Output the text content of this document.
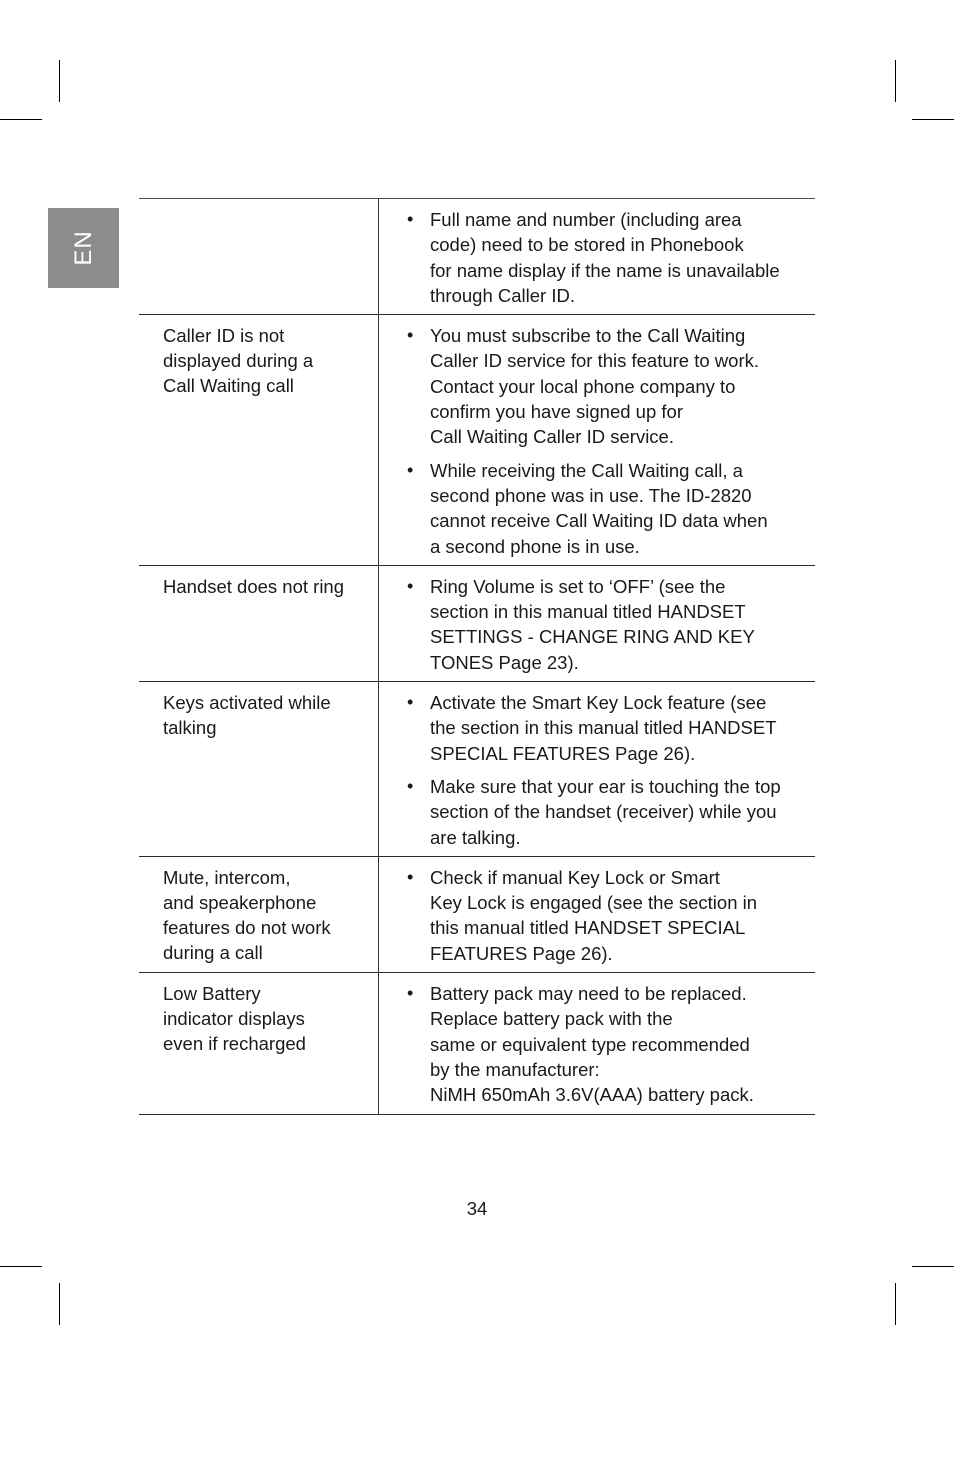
EN
• Full name and number (including area
code) need to be stored in Phonebook
for name display if the name is unavailable
through Caller ID.
Caller ID is not
displayed during a
Call Waiting call
• You must subscribe to the Call Waiting
Caller ID service for this feature to work.
Contact your local phone company to
confirm you have signed up for
Call Waiting Caller ID service.
• While receiving the Call Waiting call, a
second phone was in use. The ID-2820
cannot receive Call Waiting ID data when
a second phone is in use.
Handset does not ring	• Ring Volume is set to ‘OFF’ (see the
section in this manual titled HANDSET
SETTINGS - CHANGE RING AND KEY
TONES Page 23).
Keys activated while
talking
• Activate the Smart Key Lock feature (see
the section in this manual titled HANDSET
SPECIAL FEATURES Page 26).
• Make sure that your ear is touching the top
section of the handset (receiver) while you
are talking.
Mute, intercom,
and speakerphone
features do not work
during a call
• Check if manual Key Lock or Smart
Key Lock is engaged (see the section in
this manual titled HANDSET SPECIAL
FEATURES Page 26).
Low Battery
indicator displays
even if recharged
• Battery pack may need to be replaced.
Replace battery pack with the
same or equivalent type recommended
by the manufacturer:
NiMH 650mAh 3.6V(AAA) battery pack.
34
